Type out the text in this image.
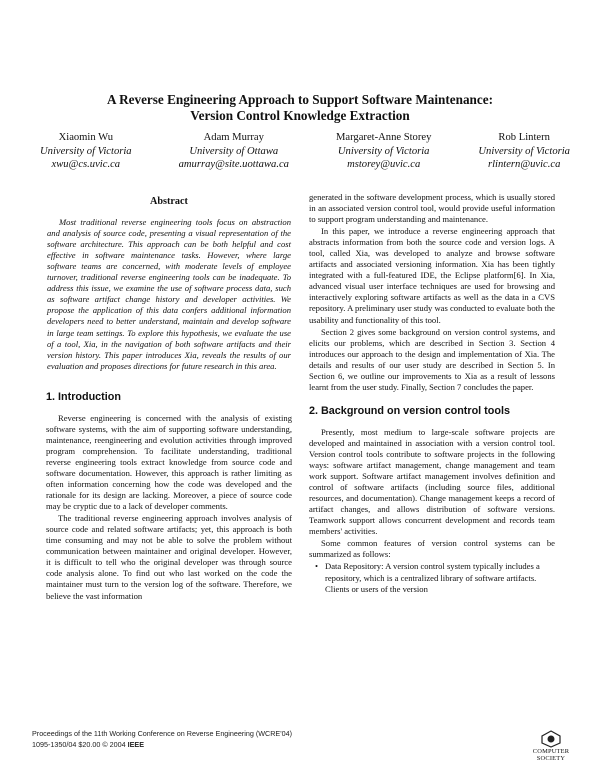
A Reverse Engineering Approach to Support Software Maintenance:
Version Control Knowledge Extraction
Xiaomin Wu
University of Victoria
xwu@cs.uvic.ca
Adam Murray
University of Ottawa
amurray@site.uottawa.ca
Margaret-Anne Storey
University of Victoria
mstorey@uvic.ca
Rob Lintern
University of Victoria
rlintern@uvic.ca
Abstract

Most traditional reverse engineering tools focus on abstraction and analysis of source code, presenting a visual representation of the software architecture. This approach can be both helpful and cost effective in software maintenance tasks. However, where large software teams are concerned, with moderate levels of employee turnover, traditional reverse engineering tools can be inadequate. To address this issue, we examine the use of software process data, such as software artifact change history and developer activities. We propose the application of this data confers additional information developers need to better understand, maintain and develop software in large team settings. To explore this hypothesis, we evaluate the use of a tool, Xia, in the navigation of both software artifacts and their version history. This paper introduces Xia, reveals the results of our evaluation and proposes directions for future research in this area.

1. Introduction

Reverse engineering is concerned with the analysis of existing software systems, with the aim of supporting software understanding, maintenance, reengineering and evolution activities through improved program comprehension. To facilitate understanding, traditional reverse engineering tools extract knowledge from source code and software documentation. However, this approach is rather limiting as often information concerning how the code was developed and the rationale for its design are lacking. Moreover, a piece of source code may be cryptic due to a lack of developer comments.

The traditional reverse engineering approach involves analysis of source code and related software artifacts; yet, this approach is both time consuming and may not be able to solve the problem without communication between maintainer and original developer. However, it is difficult to tell who the original developer was through source code analysis alone. To find out who last worked on the code the maintainer must turn to the version log of the software. Therefore, we believe the vast information

generated in the software development process, which is usually stored in an associated version control tool, would provide useful information to support program understanding and maintenance.

In this paper, we introduce a reverse engineering approach that abstracts information from both the source code and version logs. A tool, called Xia, was developed to analyze and browse software artifacts and associated versioning information. Xia has been tightly integrated with a full-featured IDE, the Eclipse platform[6]. In Xia, advanced visual user interface techniques are used for browsing and interactively exploring software artifacts as well as the data in a CVS repository. A preliminary user study was conducted to evaluate both the usability and functionality of this tool.

Section 2 gives some background on version control systems, and elicits our problems, which are described in Section 3. Section 4 introduces our approach to the design and implementation of Xia. The details and results of our user study are described in Section 5. In Section 6, we outline our improvements to Xia as a result of lessons learnt from the user study. Finally, Section 7 concludes the paper.

2. Background on version control tools

Presently, most medium to large-scale software projects are developed and maintained in association with a version control tool. Version control tools contribute to software projects in the following ways: software artifact management, change management and team work support. Software artifact management involves definition and control of software artifacts (including source files, additional resources, and documentation). Change management keeps a record of artifact changes, and allows distribution of software versions. Teamwork support allows concurrent development and records team members' activities.

Some common features of version control systems can be summarized as follows:

• Data Repository: A version control system typically includes a repository, which is a centralized library of software artifacts. Clients or users of the version
Proceedings of the 11th Working Conference on Reverse Engineering (WCRE'04)
1095-1350/04 $20.00 © 2004 IEEE
COMPUTER
SOCIETY
